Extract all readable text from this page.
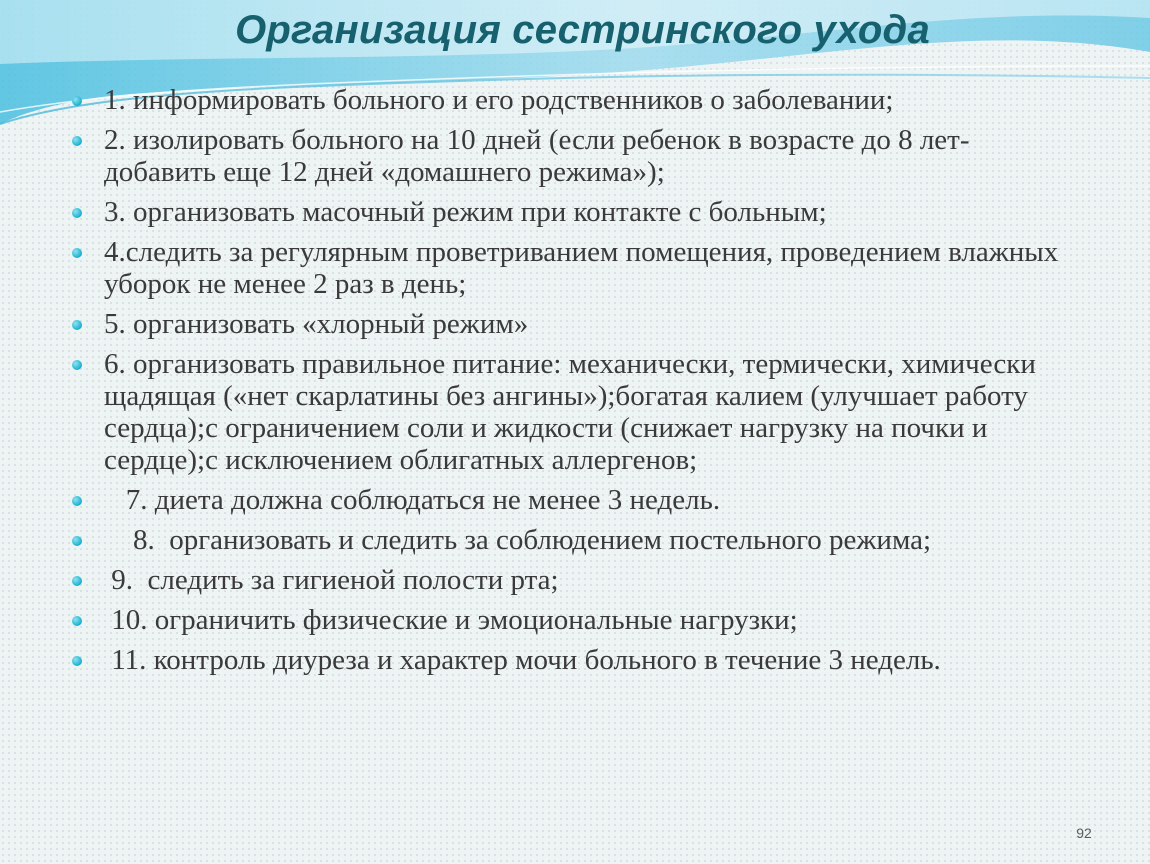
Организация сестринского ухода
1. информировать больного и его родственников о заболевании;
2. изолировать больного на 10 дней (если ребенок в возрасте до 8 лет- добавить еще 12 дней «домашнего режима»);
3. организовать масочный режим при контакте с больным;
4.следить за регулярным проветриванием помещения, проведением влажных уборок не менее 2 раз в день;
5. организовать «хлорный режим»
6. организовать правильное питание: механически, термически, химически щадящая («нет скарлатины без ангины»);богатая калием (улучшает работу сердца);с ограничением соли и жидкости (снижает нагрузку на почки и сердце);с исключением облигатных аллергенов;
7. диета должна соблюдаться не менее 3 недель.
8.  организовать и следить за соблюдением постельного режима;
9.  следить за гигиеной полости рта;
10. ограничить физические и эмоциональные нагрузки;
11. контроль диуреза и характер мочи больного в течение 3 недель.
92
